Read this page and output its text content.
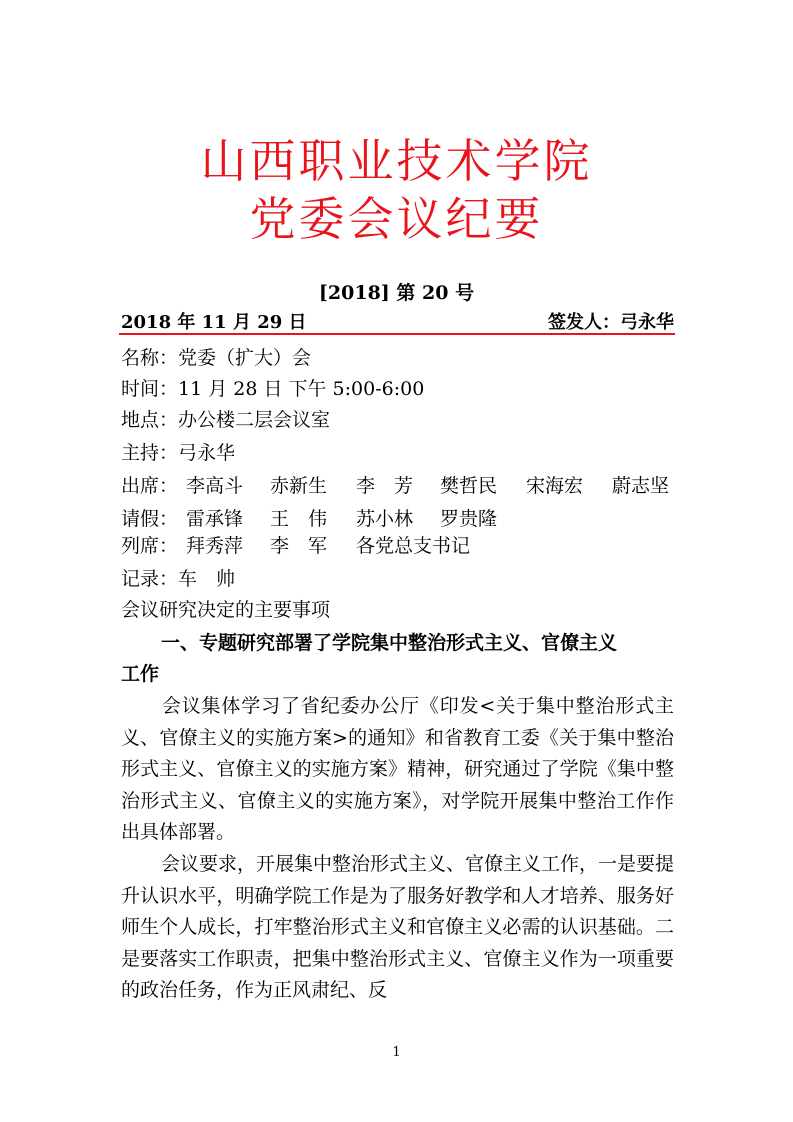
山西职业技术学院
党委会议纪要
[2018] 第 20 号
2018 年 11 月 29 日	签发人：弓永华
名称：党委（扩大）会
时间：11 月 28 日 下午 5:00-6:00
地点：办公楼二层会议室
主持：弓永华
出席： 李高斗 赤新生 李　芳 樊哲民 宋海宏 蔚志坚
请假： 雷承锋 王　伟 苏小林 罗贵隆
列席： 拜秀萍 李　军 各党总支书记
记录：车　帅
会议研究决定的主要事项
一、专题研究部署了学院集中整治形式主义、官僚主义
工作
会议集体学习了省纪委办公厅《印发<关于集中整治形式主义、官僚主义的实施方案>的通知》和省教育工委《关于集中整治形式主义、官僚主义的实施方案》精神，研究通过了学院《集中整治形式主义、官僚主义的实施方案》，对学院开展集中整治工作作出具体部署。
会议要求，开展集中整治形式主义、官僚主义工作，一是要提升认识水平，明确学院工作是为了服务好教学和人才培养、服务好师生个人成长，打牢整治形式主义和官僚主义必需的认识基础。二是要落实工作职责，把集中整治形式主义、官僚主义作为一项重要的政治任务，作为正风肃纪、反
1
